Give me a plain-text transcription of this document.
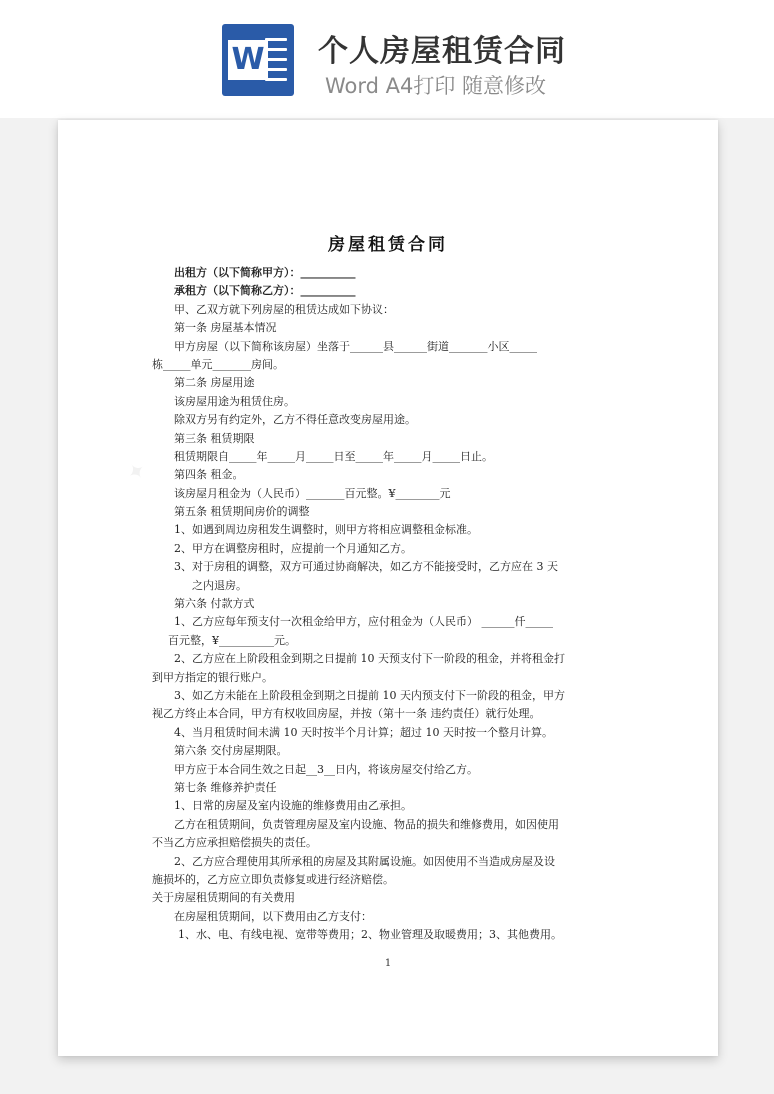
W 个人房屋租赁合同
Word A4打印 随意修改
✦
房屋租赁合同
出租方（以下简称甲方）：__________
承租方（以下简称乙方）：__________
甲、乙双方就下列房屋的租赁达成如下协议：
第一条 房屋基本情况
甲方房屋（以下简称该房屋）坐落于______县______街道_______小区_____
栋_____单元_______房间。
第二条 房屋用途
该房屋用途为租赁住房。
除双方另有约定外，乙方不得任意改变房屋用途。
第三条 租赁期限
租赁期限自_____年_____月_____日至_____年_____月_____日止。
第四条 租金。
该房屋月租金为（人民币）_______百元整。¥________元
第五条 租赁期间房价的调整
1、如遇到周边房租发生调整时，则甲方将相应调整租金标准。
2、甲方在调整房租时，应提前一个月通知乙方。
3、对于房租的调整，双方可通过协商解决，如乙方不能接受时，乙方应在 3 天
之内退房。
第六条 付款方式
1、乙方应每年预支付一次租金给甲方，应付租金为（人民币） ______仟_____
百元整，¥__________元。
2、乙方应在上阶段租金到期之日提前 10 天预支付下一阶段的租金，并将租金打
到甲方指定的银行账户。
3、如乙方未能在上阶段租金到期之日提前 10 天内预支付下一阶段的租金，甲方
视乙方终止本合同，甲方有权收回房屋，并按（第十一条 违约责任）就行处理。
4、当月租赁时间未满 10 天时按半个月计算；超过 10 天时按一个整月计算。
第六条 交付房屋期限。
甲方应于本合同生效之日起__3__日内，将该房屋交付给乙方。
第七条 维修养护责任
1、日常的房屋及室内设施的维修费用由乙承担。
乙方在租赁期间，负责管理房屋及室内设施、物品的损失和维修费用，如因使用
不当乙方应承担赔偿损失的责任。
2、乙方应合理使用其所承租的房屋及其附属设施。如因使用不当造成房屋及设
施损坏的，乙方应立即负责修复或进行经济赔偿。
关于房屋租赁期间的有关费用
在房屋租赁期间，以下费用由乙方支付：
1、水、电、有线电视、宽带等费用；2、物业管理及取暖费用；3、其他费用。
1
